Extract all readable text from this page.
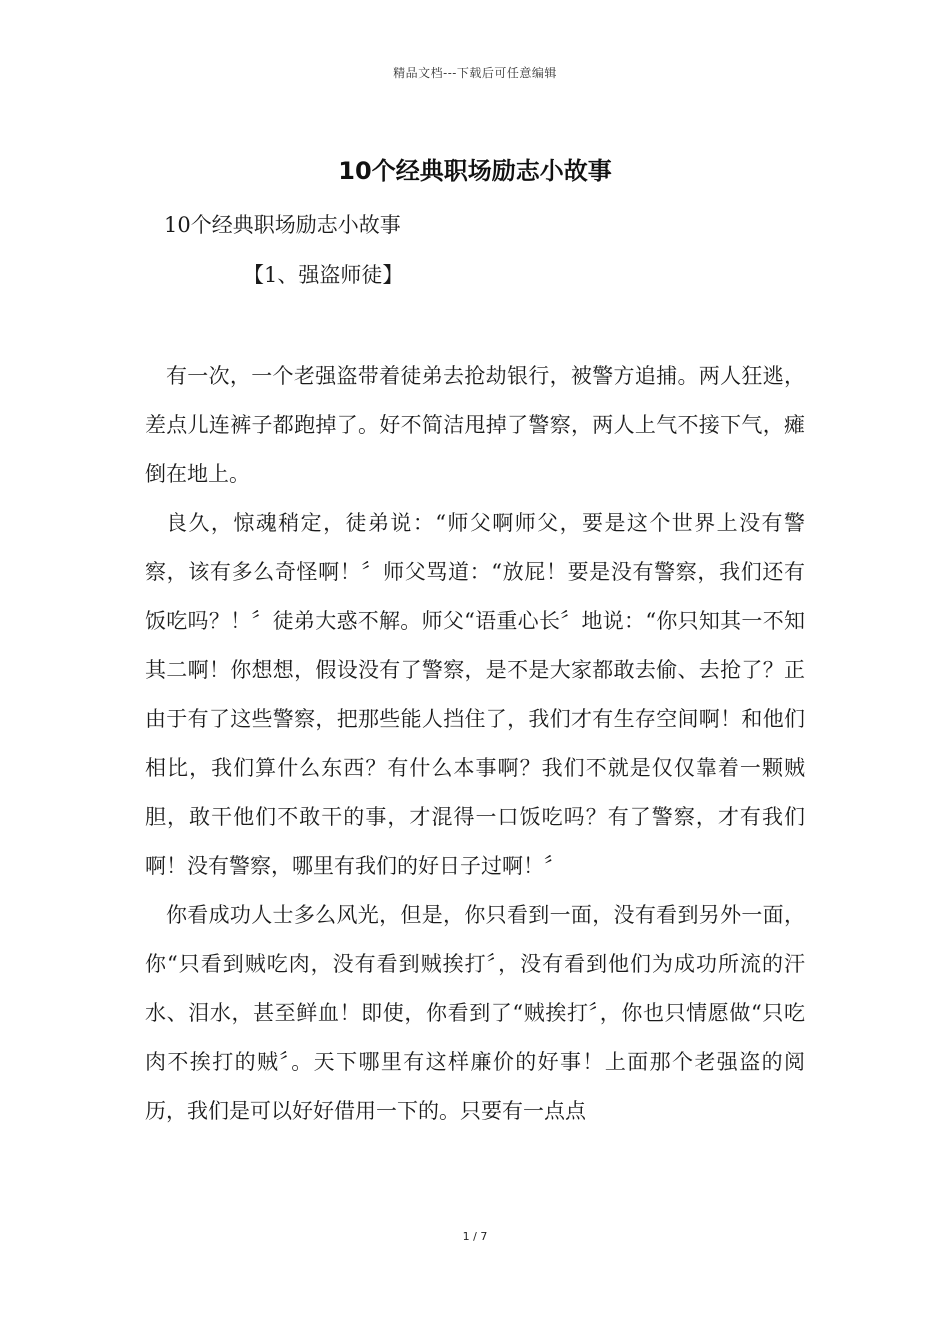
精品文档---下载后可任意编辑
10个经典职场励志小故事
10个经典职场励志小故事
【1、强盗师徒】

有一次，一个老强盗带着徒弟去抢劫银行，被警方追捕。两人狂逃，差点儿连裤子都跑掉了。好不简洁甩掉了警察，两人上气不接下气，瘫倒在地上。

良久，惊魂稍定，徒弟说：“师父啊师父，要是这个世界上没有警察，该有多么奇怪啊！〞师父骂道：“放屁！要是没有警察，我们还有饭吃吗？！〞徒弟大惑不解。师父“语重心长〞地说：“你只知其一不知其二啊！你想想，假设没有了警察，是不是大家都敢去偷、去抢了？正由于有了这些警察，把那些能人挡住了，我们才有生存空间啊！和他们相比，我们算什么东西？有什么本事啊？我们不就是仅仅靠着一颗贼胆，敢干他们不敢干的事，才混得一口饭吃吗？有了警察，才有我们啊！没有警察，哪里有我们的好日子过啊！〞

你看成功人士多么风光，但是，你只看到一面，没有看到另外一面，你“只看到贼吃肉，没有看到贼挨打〞，没有看到他们为成功所流的汗水、泪水，甚至鲜血！即使，你看到了“贼挨打〞，你也只情愿做“只吃肉不挨打的贼〞。天下哪里有这样廉价的好事！上面那个老强盗的阅历，我们是可以好好借用一下的。只要有一点点

1 / 7
